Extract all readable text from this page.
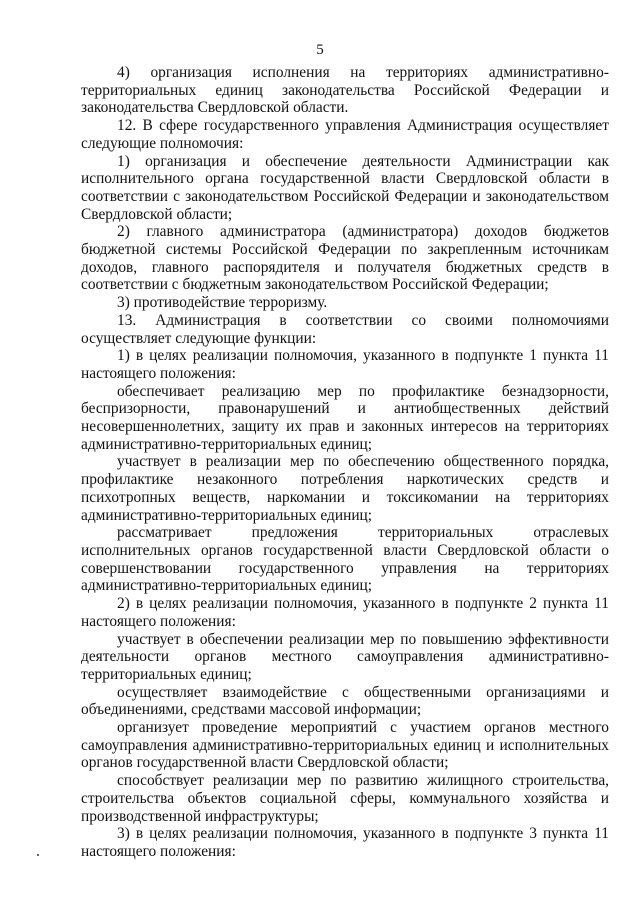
5

4) организация исполнения на территориях административно-территориальных единиц законодательства Российской Федерации и законодательства Свердловской области.

12. В сфере государственного управления Администрация осуществляет следующие полномочия:

1) организация и обеспечение деятельности Администрации как исполнительного органа государственной власти Свердловской области в соответствии с законодательством Российской Федерации и законодательством Свердловской области;

2) главного администратора (администратора) доходов бюджетов бюджетной системы Российской Федерации по закрепленным источникам доходов, главного распорядителя и получателя бюджетных средств в соответствии с бюджетным законодательством Российской Федерации;

3) противодействие терроризму.

13. Администрация в соответствии со своими полномочиями осуществляет следующие функции:

1) в целях реализации полномочия, указанного в подпункте 1 пункта 11 настоящего положения:

обеспечивает реализацию мер по профилактике безнадзорности, беспризорности, правонарушений и антиобщественных действий несовершеннолетних, защиту их прав и законных интересов на территориях административно-территориальных единиц;

участвует в реализации мер по обеспечению общественного порядка, профилактике незаконного потребления наркотических средств и психотропных веществ, наркомании и токсикомании на территориях административно-территориальных единиц;

рассматривает предложения территориальных отраслевых исполнительных органов государственной власти Свердловской области о совершенствовании государственного управления на территориях административно-территориальных единиц;

2) в целях реализации полномочия, указанного в подпункте 2 пункта 11 настоящего положения:

участвует в обеспечении реализации мер по повышению эффективности деятельности органов местного самоуправления административно-территориальных единиц;

осуществляет взаимодействие с общественными организациями и объединениями, средствами массовой информации;

организует проведение мероприятий с участием органов местного самоуправления административно-территориальных единиц и исполнительных органов государственной власти Свердловской области;

способствует реализации мер по развитию жилищного строительства, строительства объектов социальной сферы, коммунального хозяйства и производственной инфраструктуры;

3) в целях реализации полномочия, указанного в подпункте 3 пункта 11 настоящего положения:
